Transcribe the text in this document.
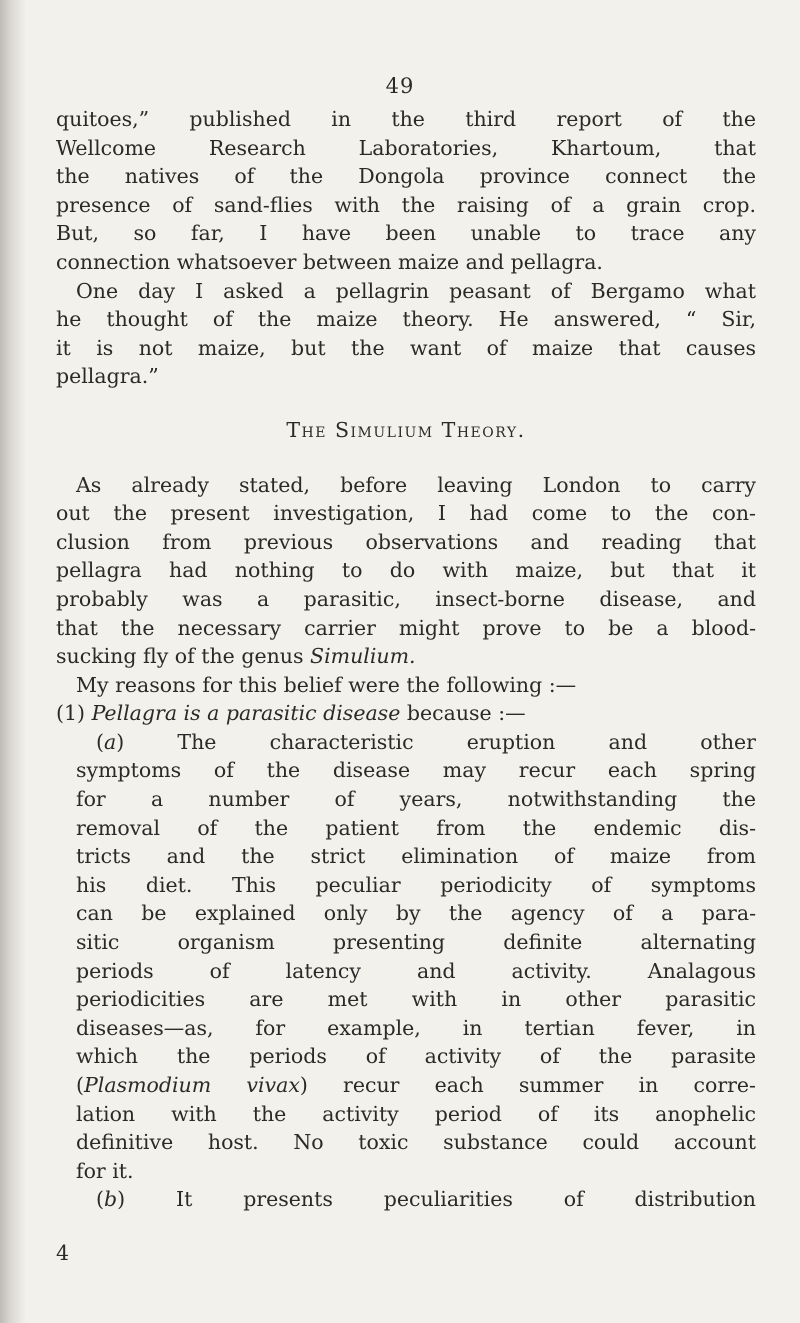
49
quitoes,” published in the third report of the
Wellcome Research Laboratories, Khartoum, that
the natives of the Dongola province connect the
presence of sand-flies with the raising of a grain crop.
But, so far, I have been unable to trace any
connection whatsoever between maize and pellagra.
One day I asked a pellagrin peasant of Bergamo what
he thought of the maize theory. He answered, “ Sir,
it is not maize, but the want of maize that causes
pellagra.”
The Simulium Theory.
As already stated, before leaving London to carry
out the present investigation, I had come to the con-
clusion from previous observations and reading that
pellagra had nothing to do with maize, but that it
probably was a parasitic, insect-borne disease, and
that the necessary carrier might prove to be a blood-
sucking fly of the genus Simulium.
My reasons for this belief were the following :—
(1) Pellagra is a parasitic disease because :—
(a) The characteristic eruption and other
symptoms of the disease may recur each spring
for a number of years, notwithstanding the
removal of the patient from the endemic dis-
tricts and the strict elimination of maize from
his diet. This peculiar periodicity of symptoms
can be explained only by the agency of a para-
sitic organism presenting definite alternating
periods of latency and activity. Analagous
periodicities are met with in other parasitic
diseases—as, for example, in tertian fever, in
which the periods of activity of the parasite
(Plasmodium vivax) recur each summer in corre-
lation with the activity period of its anophelic
definitive host. No toxic substance could account
for it.
(b) It presents peculiarities of distribution
4
